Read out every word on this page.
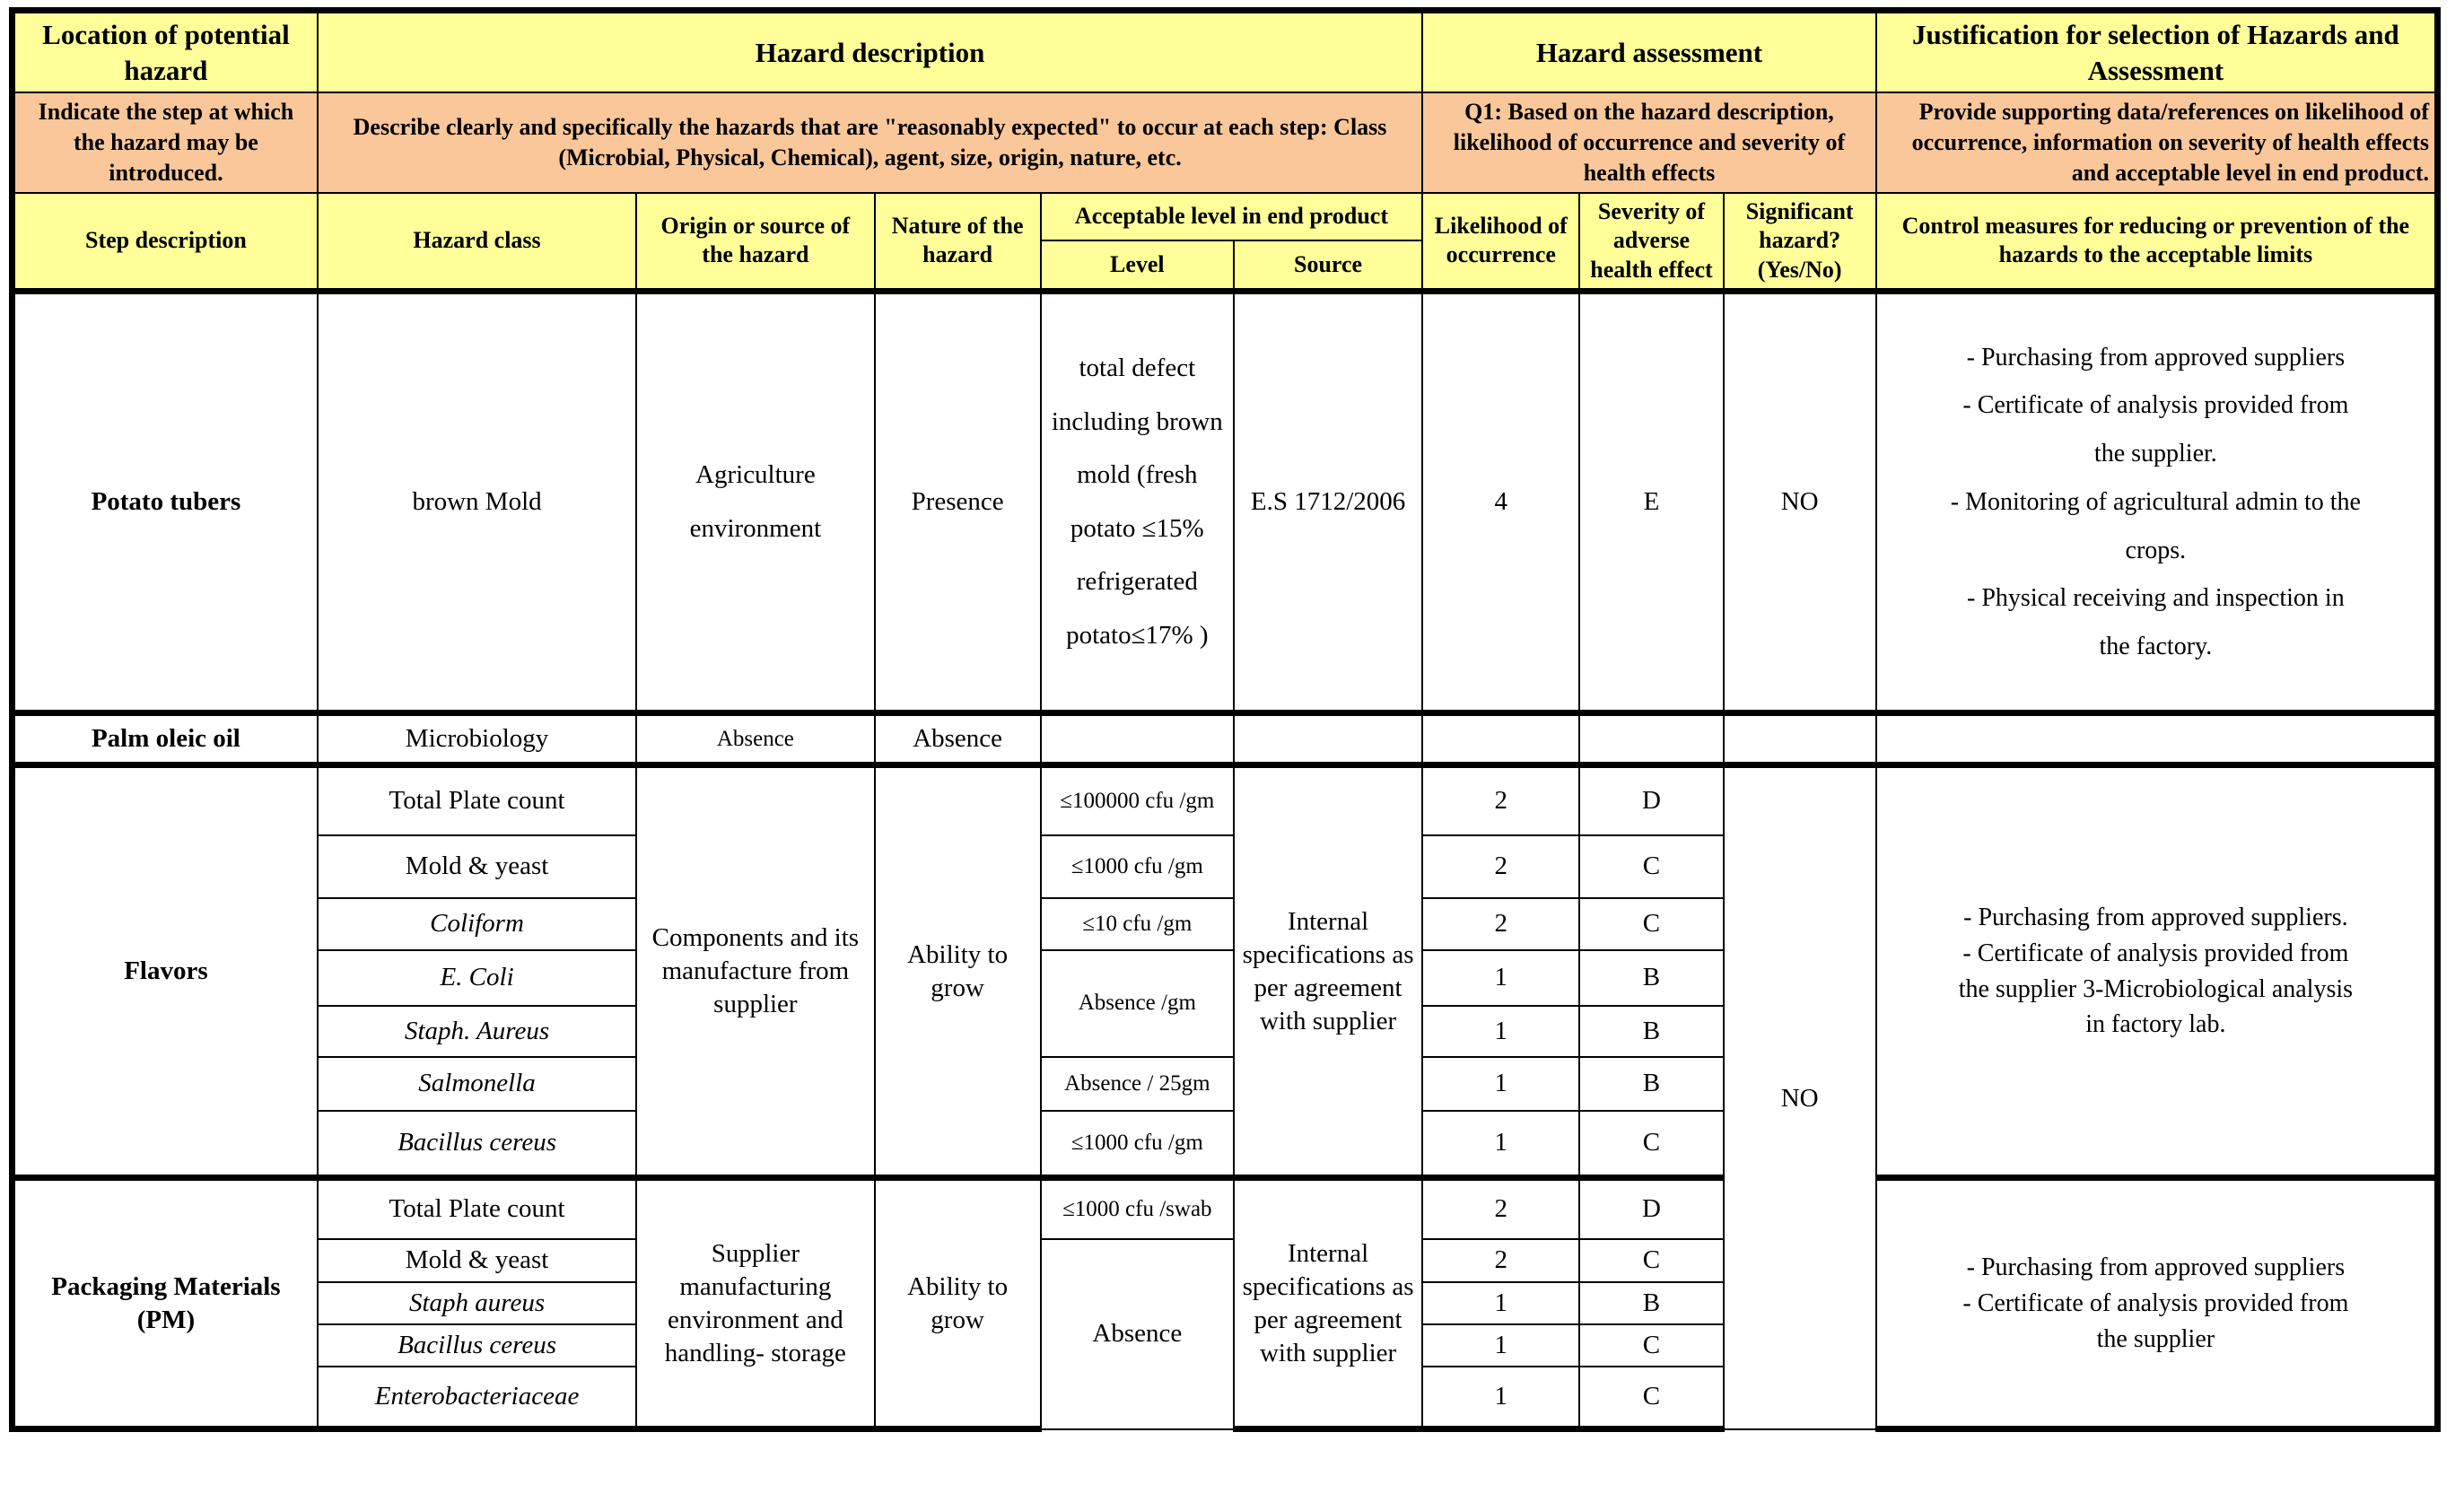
Location of potential hazard	Hazard description					Hazard assessment			Justification for selection of Hazards and Assessment
Indicate the step at which the hazard may be introduced.	Describe clearly and specifically the hazards that are "reasonably expected" to occur at each step: Class (Microbial, Physical, Chemical), agent, size, origin, nature, etc.					Q1: Based on the hazard description, likelihood of occurrence and severity of health effects			Provide supporting data/references on likelihood of occurrence, information on severity of health effects and acceptable level in end product.
Step description	Hazard class	Origin or source of the hazard	Nature of the hazard	Acceptable level in end product		Likelihood of occurrence	Severity of adverse health effect	Significant hazard? (Yes/No)	Control measures for reducing or prevention of the hazards to the acceptable limits
				Level	Source				
Potato tubers	brown Mold	Agriculture environment	Presence	total defect including brown mold (fresh potato ≤15% refrigerated potato≤17% )	E.S 1712/2006	4	E	NO	
- Purchasing from approved suppliers
- Certificate of analysis provided from
the supplier.
- Monitoring of agricultural admin to the
crops.
- Physical receiving and inspection in
the factory.

Palm oleic oil	Microbiology	Absence	Absence						
Flavors	Total Plate count	Components and its manufacture from supplier	Ability to grow	≤100000 cfu /gm	Internal specifications as per agreement with supplier	2	D	NO	- Purchasing from approved suppliers.
- Certificate of analysis provided from
the supplier 3-Microbiological analysis
in factory lab.

	Mold & yeast			≤1000 cfu /gm		2	C		
	Coliform			≤10 cfu /gm		2	C		
	E. Coli			Absence /gm		1	B		
	Staph. Aureus					1	B		
	Salmonella			Absence / 25gm		1	B		
	Bacillus cereus			≤1000 cfu /gm		1	C		
Packaging Materials (PM)	Total Plate count	Supplier manufacturing environment and handling- storage	Ability to grow	≤1000 cfu /swab	Internal specifications as per agreement with supplier	2	D		- Purchasing from approved suppliers
- Certificate of analysis provided from
the supplier

	Mold & yeast			Absence		2	C		
	Staph aureus					1	B		
	Bacillus cereus					1	C		
	Enterobacteriaceae					1	C		
